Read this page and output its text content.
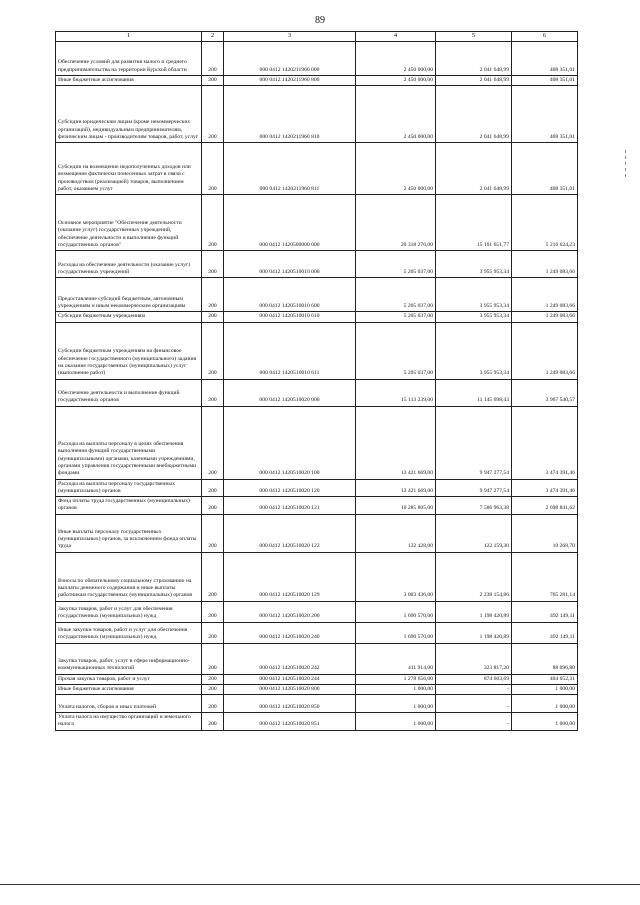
89
1	2	3	4	5	6
Обеспечение условий для развития малого и среднего предпринимательства на территории Курской области	200	000 0412 1420211960 000	2 450 000,00	2 041 648,99	408 351,01
Иные бюджетные ассигнования	200	000 0412 1420211960 800	2 450 000,00	2 041 648,99	408 351,01
Субсидии юридическим лицам (кроме некоммерческих организаций), индивидуальным предпринимателям, физическим лицам - производителям товаров, работ, услуг	200	000 0412 1420211960 810	2 450 000,00	2 041 648,99	408 351,01
Субсидии на возмещение недополученных доходов или возмещение фактически понесенных затрат в связи с производством (реализацией) товаров, выполнением работ, оказанием услуг	200	000 0412 1420211960 811	2 450 000,00	2 041 648,99	408 351,01
Основное мероприятие "Обеспечение деятельности (оказание услуг) государственных учреждений, обеспечение деятельности и выполнение функций государственных органов"	200	000 0412 1420500000 000	20 318 276,00	15 101 651,77	5 216 624,23
Расходы на обеспечение деятельности (оказание услуг) государственных учреждений	200	000 0412 1420510010 000	5 205 037,00	3 955 953,34	1 249 083,66
Предоставление субсидий бюджетным, автономным учреждениям и иным некоммерческим организациям	200	000 0412 1420510010 600	5 205 037,00	3 955 953,34	1 249 083,66
Субсидии бюджетным учреждениям	200	000 0412 1420510010 610	5 205 037,00	3 955 953,34	1 249 083,66
Субсидии бюджетным учреждениям на финансовое обеспечение государственного (муниципального) задания на оказание государственных (муниципальных) услуг (выполнение работ)	200	000 0412 1420510010 611	5 205 037,00	3 955 953,34	1 249 083,66
Обеспечение деятельности и выполнение функций государственных органов	200	000 0412 1420510020 000	15 113 239,00	11 145 698,43	3 967 540,57
Расходы на выплаты персоналу в целях обеспечения выполнения функций государственными (муниципальными) органами, казенными учреждениями, органами управления государственными внебюджетными фондами	200	000 0412 1420510020 100	13 421 669,00	9 947 277,54	3 474 391,46
Расходы на выплаты персоналу государственных (муниципальных) органов	200	000 0412 1420510020 120	13 421 669,00	9 947 277,54	3 474 391,46
Фонд оплаты труда государственных (муниципальных) органов	200	000 0412 1420510020 121	10 285 805,00	7 586 963,38	2 698 841,62
Иные выплаты персоналу государственных (муниципальных) органов, за исключением фонда оплаты труда	200	000 0412 1420510020 122	132 428,00	122 159,30	10 268,70
Взносы по обязательному социальному страхованию на выплаты денежного содержания и иные выплаты работникам государственных (муниципальных) органов	200	000 0412 1420510020 129	3 003 436,00	2 238 154,86	765 281,14
Закупка товаров, работ и услуг для обеспечения государственных (муниципальных) нужд	200	000 0412 1420510020 200	1 690 570,00	1 198 420,89	492 149,11
Иные закупки товаров, работ и услуг для обеспечения государственных (муниципальных) нужд	200	000 0412 1420510020 240	1 690 570,00	1 198 420,89	492 149,11
Закупка товаров, работ, услуг в сфере информационно-коммуникационных технологий	200	000 0412 1420510020 242	411 914,00	323 817,20	88 096,80
Прочая закупка товаров, работ и услуг	200	000 0412 1420510020 244	1 278 656,00	874 603,69	404 052,31
Иные бюджетные ассигнования	200	000 0412 1420510020 800	1 000,00	-	1 000,00
Уплата налогов, сборов и иных платежей	200	000 0412 1420510020 850	1 000,00	-	1 000,00
Уплата налога на имущество организаций и земельного налога	200	000 0412 1420510020 851	1 000,00	-	1 000,00
